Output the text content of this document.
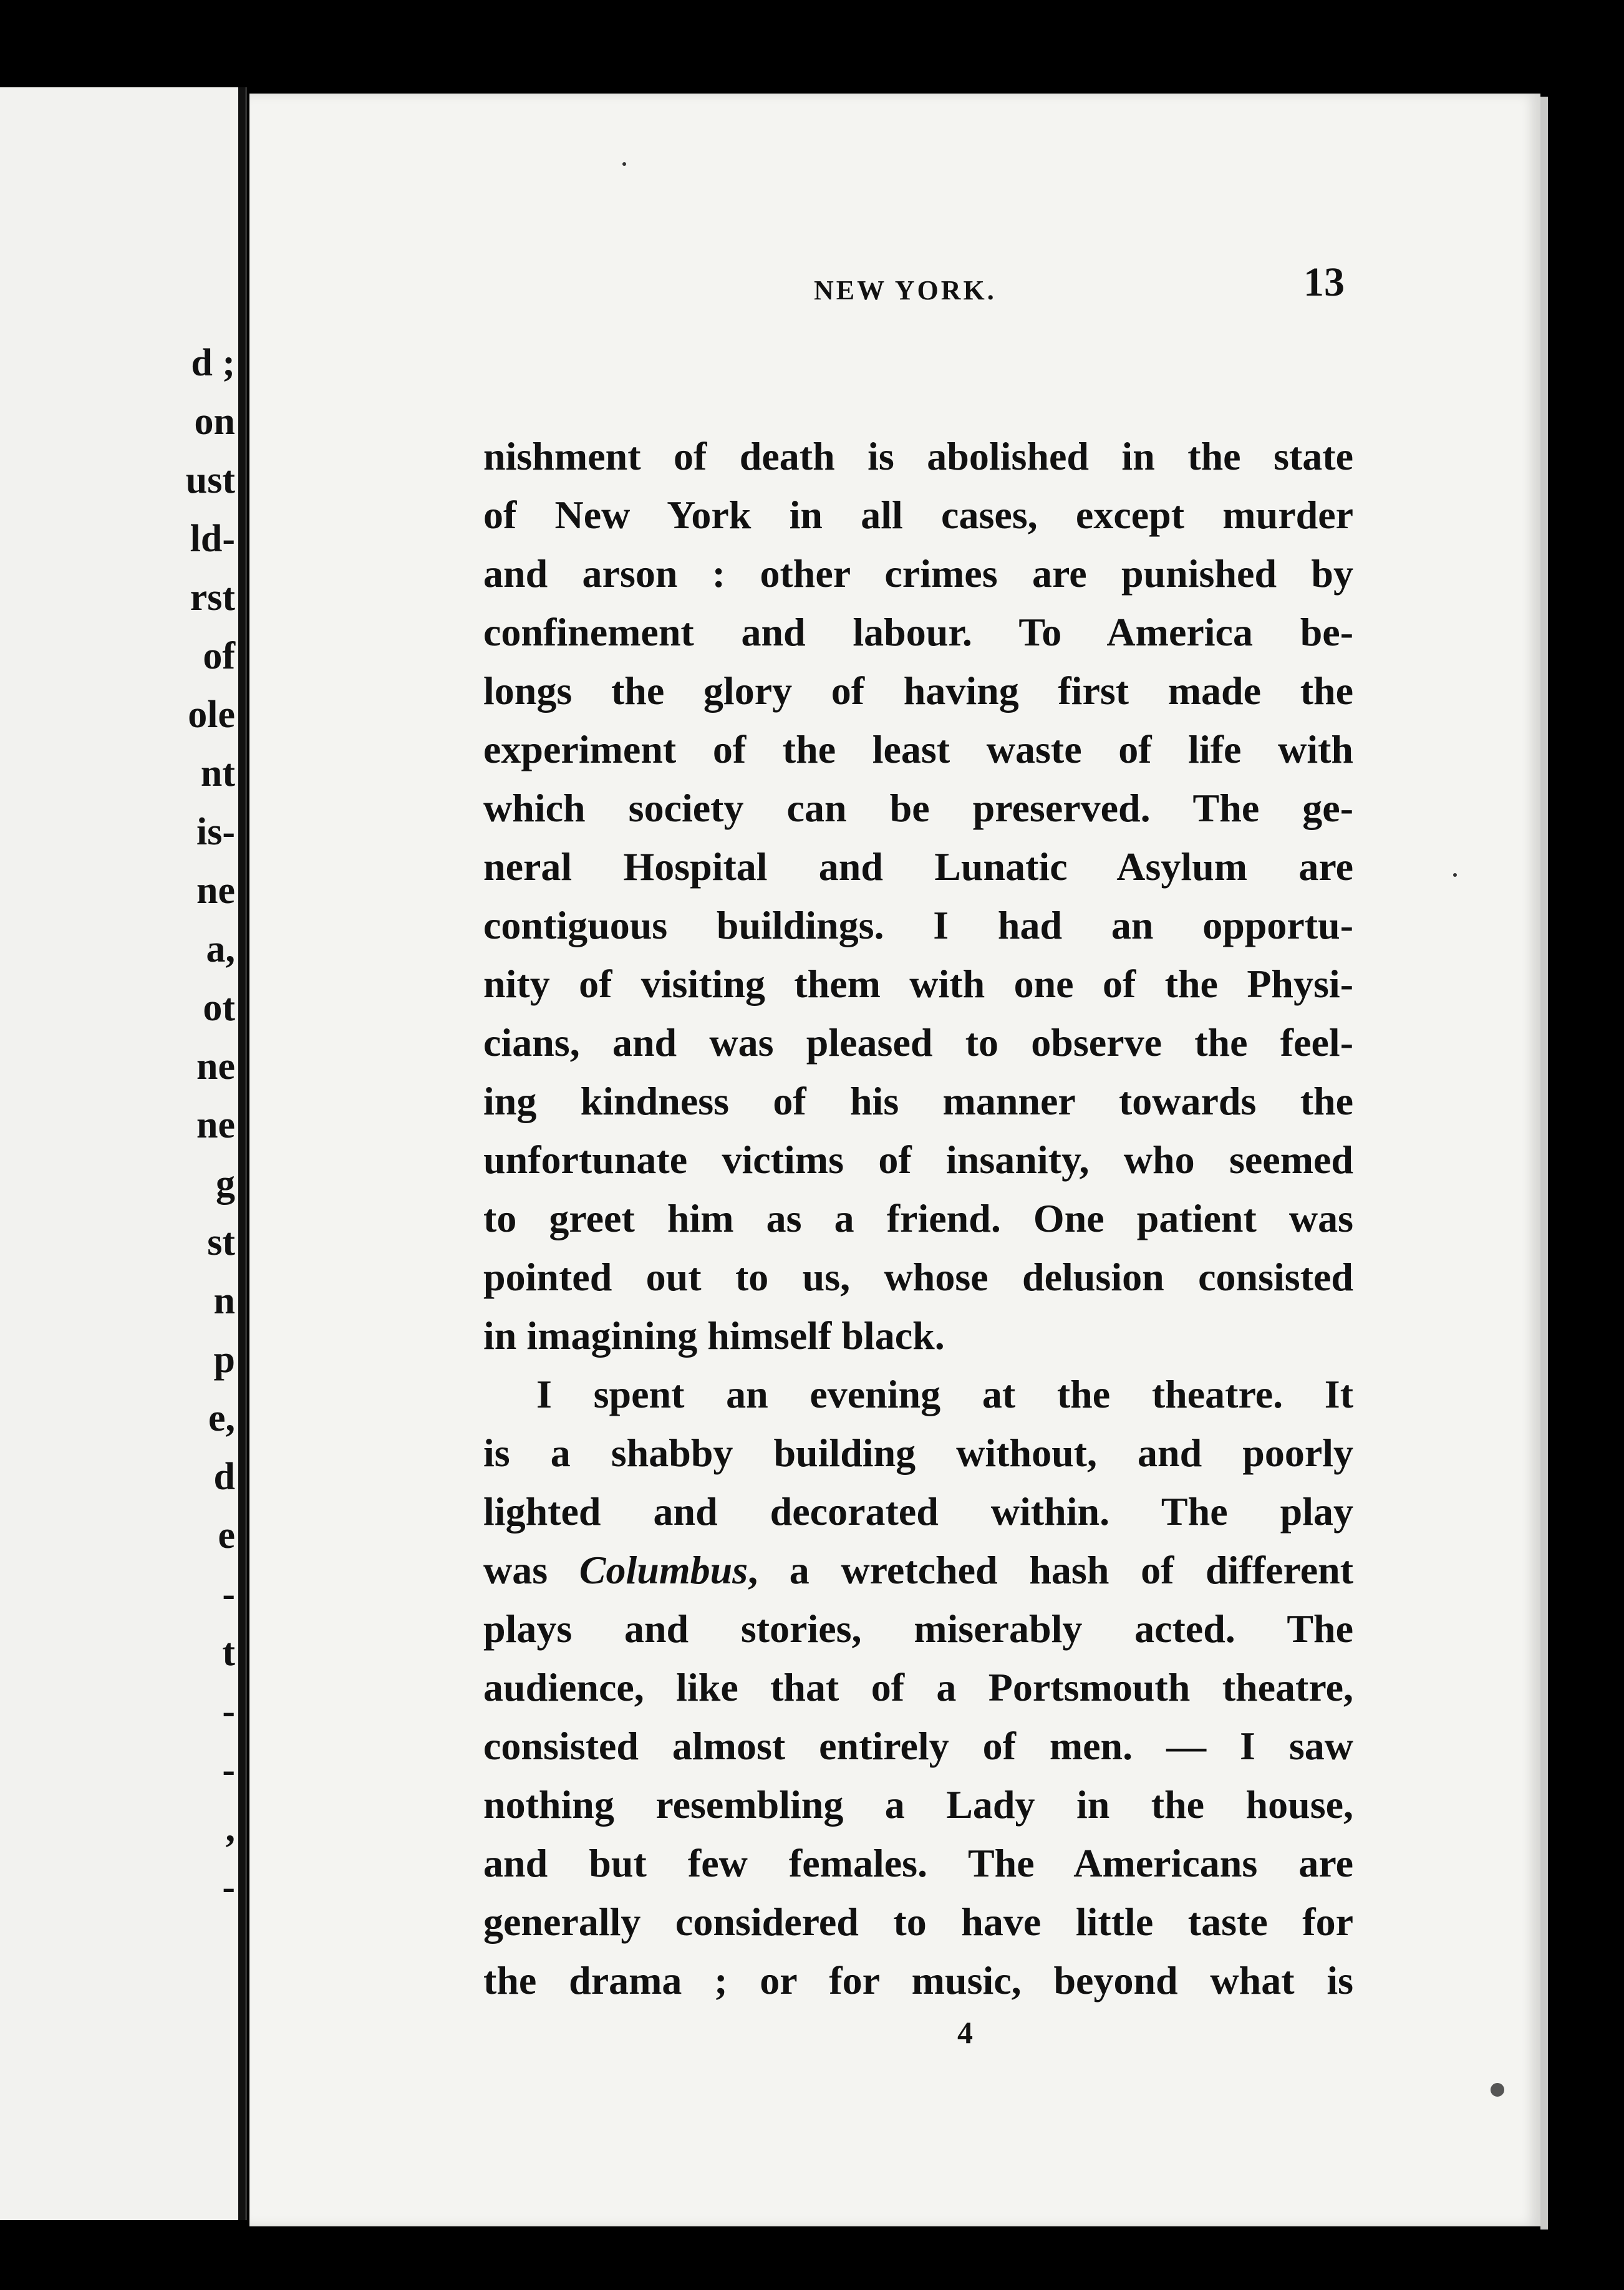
d ;
on
ust
ld-
rst
of
ole
nt
is-
ne
a,
ot
ne
ne
g
st
n
p
e,
d
e
-
t
-
-
,
-
NEW YORK.	13
nishment of death is abolished in the state
of New York in all cases, except murder
and arson : other crimes are punished by
confinement and labour. To America be-
longs the glory of having first made the
experiment of the least waste of life with
which society can be preserved. The ge-
neral Hospital and Lunatic Asylum are
contiguous buildings. I had an opportu-
nity of visiting them with one of the Physi-
cians, and was pleased to observe the feel-
ing kindness of his manner towards the
unfortunate victims of insanity, who seemed
to greet him as a friend. One patient was
pointed out to us, whose delusion consisted
in imagining himself black.
I spent an evening at the theatre. It
is a shabby building without, and poorly
lighted and decorated within. The play
was Columbus, a wretched hash of different
plays and stories, miserably acted. The
audience, like that of a Portsmouth theatre,
consisted almost entirely of men. — I saw
nothing resembling a Lady in the house,
and but few females. The Americans are
generally considered to have little taste for
the drama ; or for music, beyond what is
4
